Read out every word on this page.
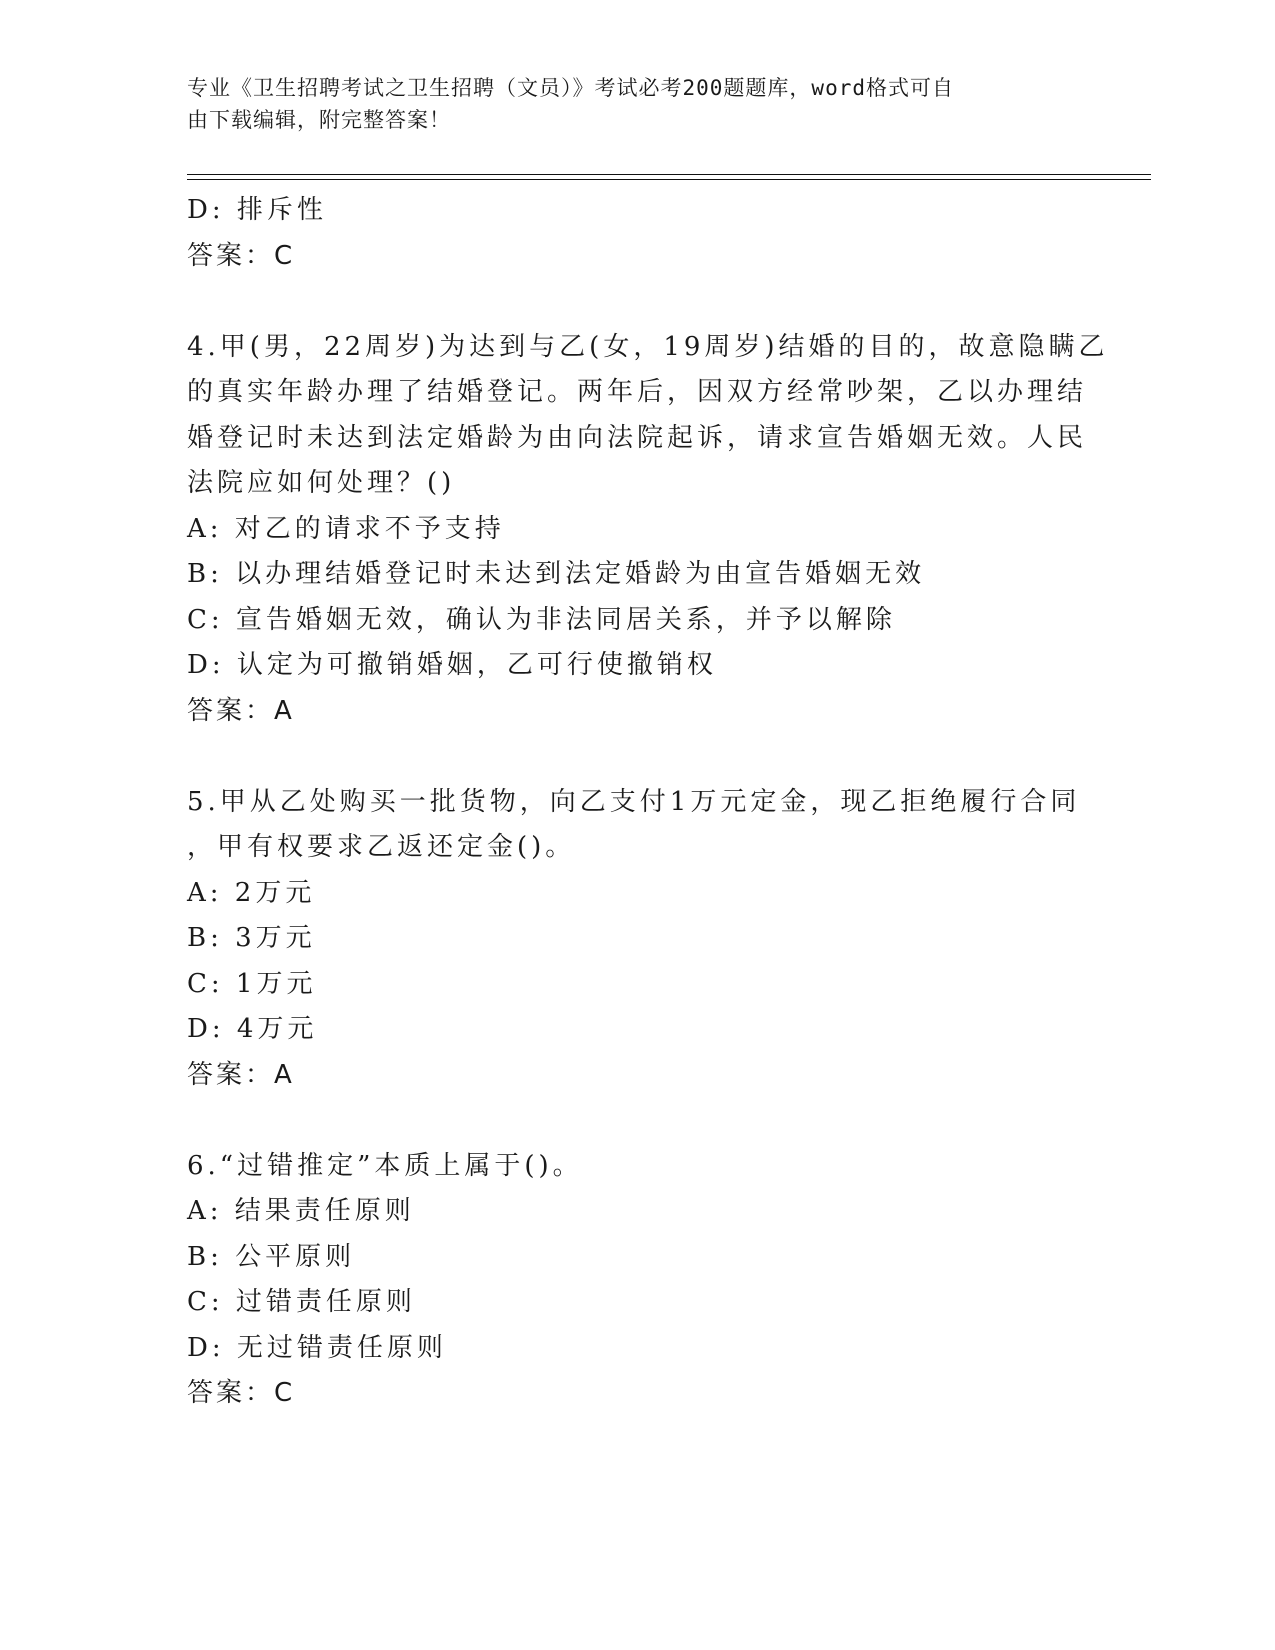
专业《卫生招聘考试之卫生招聘（文员）》考试必考200题题库，word格式可自
由下载编辑，附完整答案！
D: 排斥性
答案：C
4.甲(男，22周岁)为达到与乙(女，19周岁)结婚的目的，故意隐瞒乙
的真实年龄办理了结婚登记。两年后，因双方经常吵架，乙以办理结
婚登记时未达到法定婚龄为由向法院起诉，请求宣告婚姻无效。人民
法院应如何处理？()
A: 对乙的请求不予支持
B: 以办理结婚登记时未达到法定婚龄为由宣告婚姻无效
C: 宣告婚姻无效，确认为非法同居关系，并予以解除
D: 认定为可撤销婚姻，乙可行使撤销权
答案：A
5.甲从乙处购买一批货物，向乙支付1万元定金，现乙拒绝履行合同
，甲有权要求乙返还定金()。
A: 2万元
B: 3万元
C: 1万元
D: 4万元
答案：A
6.“过错推定”本质上属于()。
A: 结果责任原则
B: 公平原则
C: 过错责任原则
D: 无过错责任原则
答案：C
